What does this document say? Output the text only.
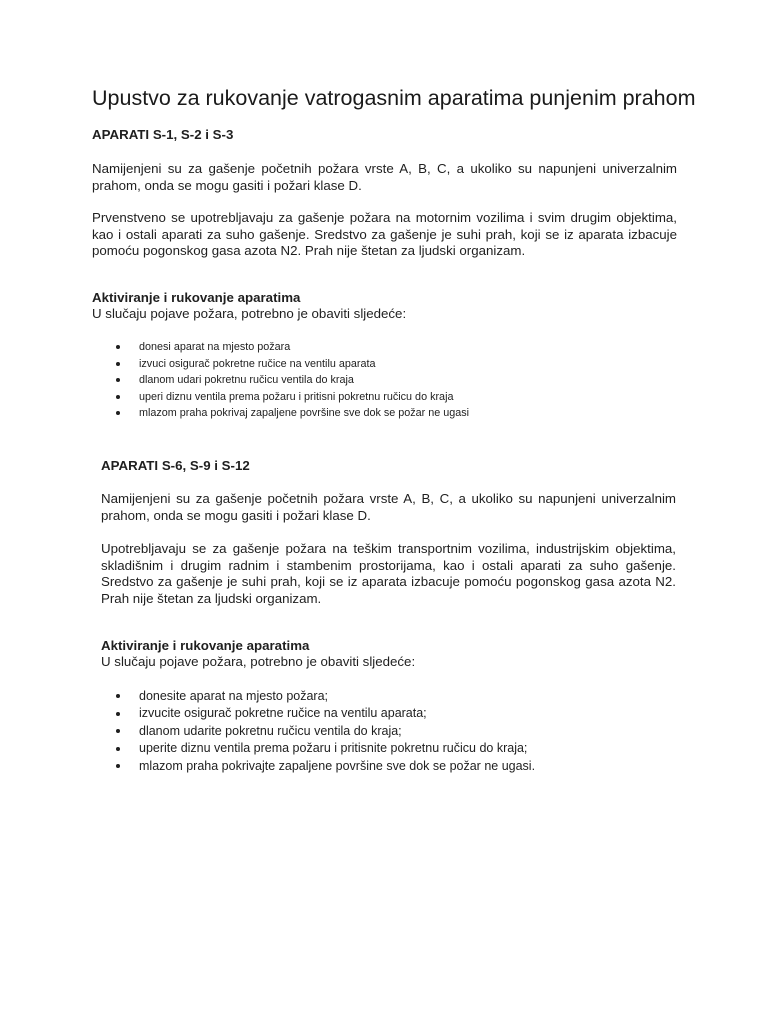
Upustvo za rukovanje vatrogasnim aparatima punjenim prahom

APARATI S-1, S-2 i S-3

Namijenjeni su za gašenje početnih požara vrste A, B, C, a ukoliko su napunjeni univerzalnim prahom, onda se mogu gasiti i požari klase D.

Prvenstveno se upotrebljavaju za gašenje požara na motornim vozilima i svim drugim objektima, kao i ostali aparati za suho gašenje. Sredstvo za gašenje je suhi prah, koji se iz aparata izbacuje pomoću pogonskog gasa azota N2. Prah nije štetan za ljudski organizam.

Aktiviranje i rukovanje aparatima

U slučaju pojave požara, potrebno je obaviti sljedeće:

donesi aparat na mjesto požara
izvuci osigurač pokretne ručice na ventilu aparata
dlanom udari pokretnu ručicu ventila do kraja
uperi diznu ventila prema požaru i pritisni pokretnu ručicu do kraja
mlazom praha pokrivaj zapaljene površine sve dok se požar ne ugasi

APARATI S-6, S-9 i S-12

Namijenjeni su za gašenje početnih požara vrste A, B, C, a ukoliko su napunjeni univerzalnim prahom, onda se mogu gasiti i požari klase D.

Upotrebljavaju se za gašenje požara na teškim transportnim vozilima, industrijskim objektima, skladišnim i drugim radnim i stambenim prostorijama, kao i ostali aparati za suho gašenje. Sredstvo za gašenje je suhi prah, koji se iz aparata izbacuje pomoću pogonskog gasa azota N2. Prah nije štetan za ljudski organizam.

Aktiviranje i rukovanje aparatima

U slučaju pojave požara, potrebno je obaviti sljedeće:

donesite aparat na mjesto požara;
izvucite osigurač pokretne ručice na ventilu aparata;
dlanom udarite pokretnu ručicu ventila do kraja;
uperite diznu ventila prema požaru i pritisnite pokretnu ručicu do kraja;
mlazom praha pokrivajte zapaljene površine sve dok se požar ne ugasi.
